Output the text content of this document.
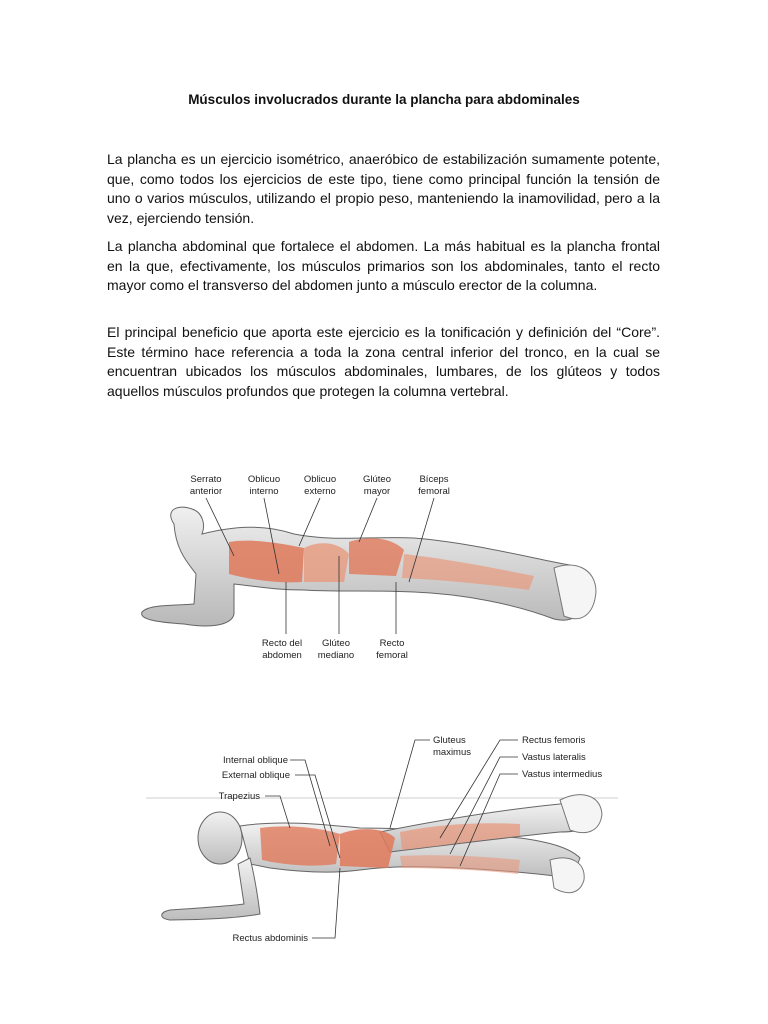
Músculos involucrados durante la plancha para abdominales

La plancha es un ejercicio isométrico, anaeróbico de estabilización sumamente potente, que, como todos los ejercicios de este tipo, tiene como principal función la tensión de uno o varios músculos, utilizando el propio peso, manteniendo la inamovilidad, pero a la vez, ejerciendo tensión.

La plancha abdominal que fortalece el abdomen. La más habitual es la plancha frontal en la que, efectivamente, los músculos primarios son los abdominales, tanto el recto mayor como el transverso del abdomen junto a músculo erector de la columna.

El principal beneficio que aporta este ejercicio es la tonificación y definición del “Core”. Este término hace referencia a toda la zona central inferior del tronco, en la cual se encuentran ubicados los músculos abdominales, lumbares, de los glúteos y todos aquellos músculos profundos que protegen la columna vertebral.

Serrato
anterior
Oblicuo
interno
Oblicuo
externo
Glúteo
mayor
Bíceps
femoral
Recto del
abdomen
Glúteo
mediano
Recto
femoral
Internal oblique
External oblique
Trapezius
Gluteus
maximus
Rectus femoris
Vastus lateralis
Vastus intermedius
Rectus abdominis
